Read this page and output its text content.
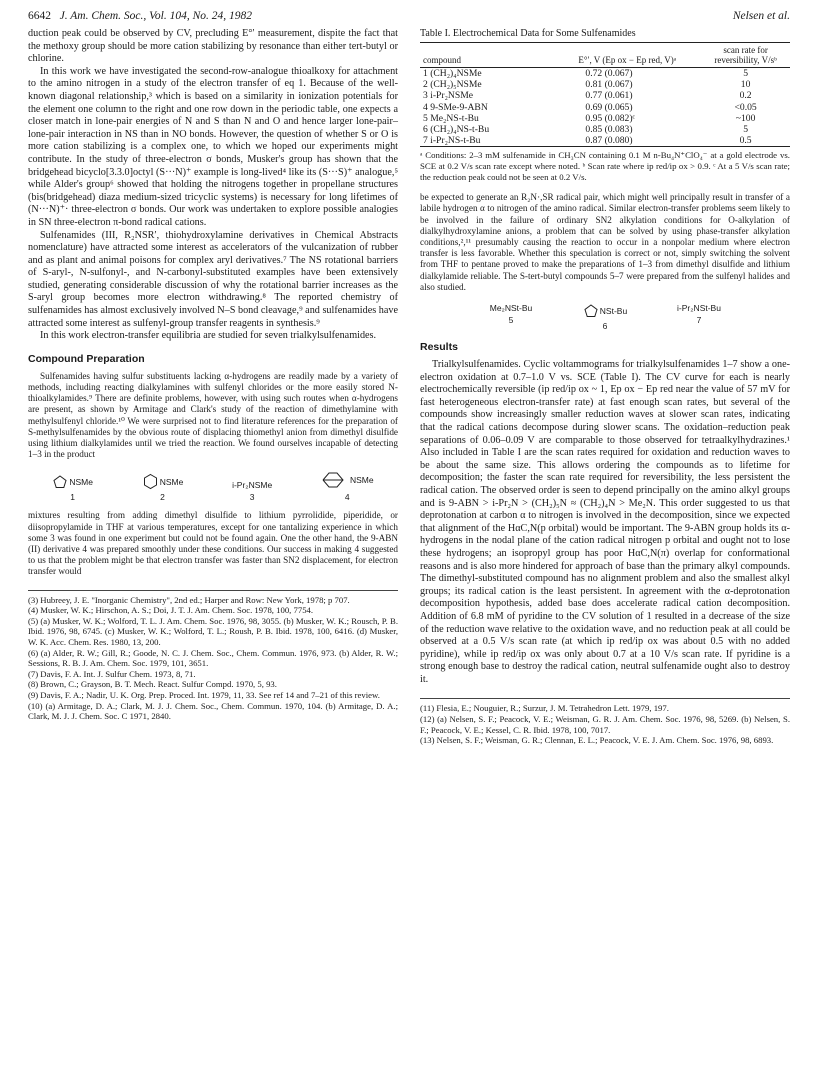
6642 J. Am. Chem. Soc., Vol. 104, No. 24, 1982	Nelsen et al.

duction peak could be observed by CV, precluding E°′ measurement, dispite the fact that the methoxy group should be more cation stabilizing by resonance than either tert-butyl or chlorine.

In this work we have investigated the second-row-analogue thioalkoxy for attachment to the amino nitrogen in a study of the electron transfer of eq 1. Because of the well-known diagonal relationship,³ which is based on a similarity in ionization potentials for the element one column to the right and one row down in the periodic table, one expects a closer match in lone-pair energies of N and S than N and O and hence larger lone-pair–lone-pair interaction in NS than in NO bonds. However, the question of whether S or O is more cation stabilizing is a complex one, to which we hoped our experiments might contribute. In the study of three-electron σ bonds, Musker's group has shown that the bridgehead bicyclo[3.3.0]octyl (S···N)⁺ example is long-lived⁴ like its (S···S)⁺ analogue,⁵ while Alder's group⁶ showed that holding the nitrogens together in propellane structures (bis(bridgehead) diaza medium-sized tricyclic systems) is necessary for long lifetimes of (N···N)⁺· three-electron σ bonds. Our work was undertaken to explore possible analogies in SN three-electron π-bond radical cations.

Sulfenamides (III, R₂NSR′, thiohydroxylamine derivatives in Chemical Abstracts nomenclature) have attracted some interest as accelerators of the vulcanization of rubber and as plant and animal poisons for complex aryl derivatives.⁷ The NS rotational barriers of S-aryl-, N-sulfonyl-, and N-carbonyl-substituted examples have been extensively studied, generating considerable discussion of why the rotational barrier increases as the S-aryl group becomes more electron withdrawing.⁸ The reported chemistry of sulfenamides has almost exclusively involved N–S bond cleavage,⁹ and sulfenamides have attracted some interest as sulfenyl-group transfer reagents in synthesis.⁹

In this work electron-transfer equilibria are studied for seven trialkylsulfenamides.

Compound Preparation

Sulfenamides having sulfur substituents lacking α-hydrogens are readily made by a variety of methods, including reacting dialkylamines with sulfenyl chlorides or the more easily stored N-thioalkylamides.⁹ There are definite problems, however, with using such routes when α-hydrogens are present, as shown by Armitage and Clark's study of the reaction of dimethylamine with methylsulfenyl chloride.¹⁰ We were surprised not to find literature references for the preparation of S-methylsulfenamides by the obvious route of displacing thiomethyl anion from dimethyl disulfide using lithium dialkylamides until we tried the reaction. We found ourselves incapable of detecting 1–3 in the product

NSMe
1
NSMe
2
i-Pr₂NSMe
3
NSMe
4

mixtures resulting from adding dimethyl disulfide to lithium pyrrolidide, piperidide, or diisopropylamide in THF at various temperatures, except for one tantalizing experience in which some 3 was found in one experiment but could not be found again. One the other hand, the 9-ABN (II) derivative 4 was prepared smoothly under these conditions. Our success in making 4 suggested to us that the problem might be that electron transfer was faster than SN2 displacement, for electron transfer would

(3) Hubreey, J. E. "Inorganic Chemistry", 2nd ed.; Harper and Row: New York, 1978; p 707.
(4) Musker, W. K.; Hirschon, A. S.; Doi, J. T. J. Am. Chem. Soc. 1978, 100, 7754.
(5) (a) Musker, W. K.; Wolford, T. L. J. Am. Chem. Soc. 1976, 98, 3055. (b) Musker, W. K.; Rousch, P. B. Ibid. 1976, 98, 6745. (c) Musker, W. K.; Wolford, T. L.; Roush, P. B. Ibid. 1978, 100, 6416. (d) Musker, W. K. Acc. Chem. Res. 1980, 13, 200.
(6) (a) Alder, R. W.; Gill, R.; Goode, N. C. J. Chem. Soc., Chem. Commun. 1976, 973. (b) Alder, R. W.; Sessions, R. B. J. Am. Chem. Soc. 1979, 101, 3651.
(7) Davis, F. A. Int. J. Sulfur Chem. 1973, 8, 71.
(8) Brown, C.; Grayson, B. T. Mech. React. Sulfur Compd. 1970, 5, 93.
(9) Davis, F. A.; Nadir, U. K. Org. Prep. Proced. Int. 1979, 11, 33. See ref 14 and 7–21 of this review.
(10) (a) Armitage, D. A.; Clark, M. J. J. Chem. Soc., Chem. Commun. 1970, 104. (b) Armitage, D. A.; Clark, M. J. J. Chem. Soc. C 1971, 2840.
Table I. Electrochemical Data for Some Sulfenamides
compound	E°′, V (Ep ox − Ep red, V)ᵃ	scan rate for reversibility, V/sᵇ
1 (CH₂)₄NSMe	0.72 (0.067)	5
2 (CH₂)₅NSMe	0.81 (0.067)	10
3 i-Pr₂NSMe	0.77 (0.061)	0.2
4 9-SMe-9-ABN	0.69 (0.065)	<0.05
5 Me₂NS-t-Bu	0.95 (0.082)ᶜ	~100
6 (CH₂)₄NS-t-Bu	0.85 (0.083)	5
7 i-Pr₂NS-t-Bu	0.87 (0.080)	0.5
ᵃ Conditions: 2–3 mM sulfenamide in CH₃CN containing 0.1 M n-Bu₄N⁺ClO₄⁻ at a gold electrode vs. SCE at 0.2 V/s scan rate except where noted. ᵇ Scan rate where ip red/ip ox > 0.9. ᶜ At a 5 V/s scan rate; the reduction peak could not be seen at 0.2 V/s.

be expected to generate an R₂N·,SR radical pair, which might well principally result in transfer of a labile hydrogen α to nitrogen of the amino radical. Similar electron-transfer problems seem likely to be involved in the failure of ordinary SN2 alkylation conditions for O-alkylation of dialkylhydroxylamine anions, a problem that can be solved by using phase-transfer alkylation conditions,²,¹¹ presumably causing the reaction to occur in a nonpolar medium where electron transfer is less favorable. Whether this speculation is correct or not, simply switching the solvent from THF to pentane proved to make the preparations of 1–3 from dimethyl disulfide and lithium dialkylamide reliable. The S-tert-butyl compounds 5–7 were prepared from the sulfenyl halides and also studied.

Me₂NSt-Bu
5
NSt-Bu
6
i-Pr₂NSt-Bu
7
Results

Trialkylsulfenamides. Cyclic voltammograms for trialkylsulfenamides 1–7 show a one-electron oxidation at 0.7–1.0 V vs. SCE (Table I). The CV curve for each is nearly electrochemically reversible (ip red/ip ox ~ 1, Ep ox − Ep red near the value of 57 mV for fast heterogeneous electron-transfer rate) at fast enough scan rates, but several of the compounds show increasingly smaller reduction waves at slower scan rates, indicating that the radical cations decompose during slower scans. The oxidation–reduction peak separations of 0.06–0.09 V are comparable to those observed for tetraalkylhydrazines.¹ Also included in Table I are the scan rates required for oxidation and reduction waves to be about the same size. This allows ordering the compounds as to lifetime for decomposition; the faster the scan rate required for reversibility, the less persistent the radical cation. The observed order is seen to depend principally on the amino alkyl groups and is 9-ABN > i-Pr₂N > (CH₂)₅N ≈ (CH₂)₄N > Me₂N. This order suggested to us that deprotonation at carbon α to nitrogen is involved in the decomposition, since we expected that alignment of the HαC,N(p orbital) would be important. The 9-ABN group holds its α-hydrogens in the nodal plane of the cation radical nitrogen p orbital and ought not to lose these hydrogens; an isopropyl group has poor HαC,N(π) overlap for conformational reasons and is also more hindered for approach of base than the primary alkyl compounds. The dimethyl-substituted compound has no alignment problem and also the smallest alkyl groups; its radical cation is the least persistent. In agreement with the α-deprotonation decomposition hypothesis, added base does accelerate radical cation decomposition. Addition of 6.8 mM of pyridine to the CV solution of 1 resulted in a decrease of the size of the reduction wave relative to the oxidation wave, and no reduction peak at all could be observed at a 0.5 V/s scan rate (at which ip red/ip ox was about 0.5 with no added pyridine), while ip red/ip ox was only about 0.7 at a 10 V/s scan rate. If pyridine is a strong enough base to destroy the radical cation, neutral sulfenamide ought also to destroy it.

(11) Flesia, E.; Nouguier, R.; Surzur, J. M. Tetrahedron Lett. 1979, 197.
(12) (a) Nelsen, S. F.; Peacock, V. E.; Weisman, G. R. J. Am. Chem. Soc. 1976, 98, 5269. (b) Nelsen, S. F.; Peacock, V. E.; Kessel, C. R. Ibid. 1978, 100, 7017.
(13) Nelsen, S. F.; Weisman, G. R.; Clennan, E. L.; Peacock, V. E. J. Am. Chem. Soc. 1976, 98, 6893.
